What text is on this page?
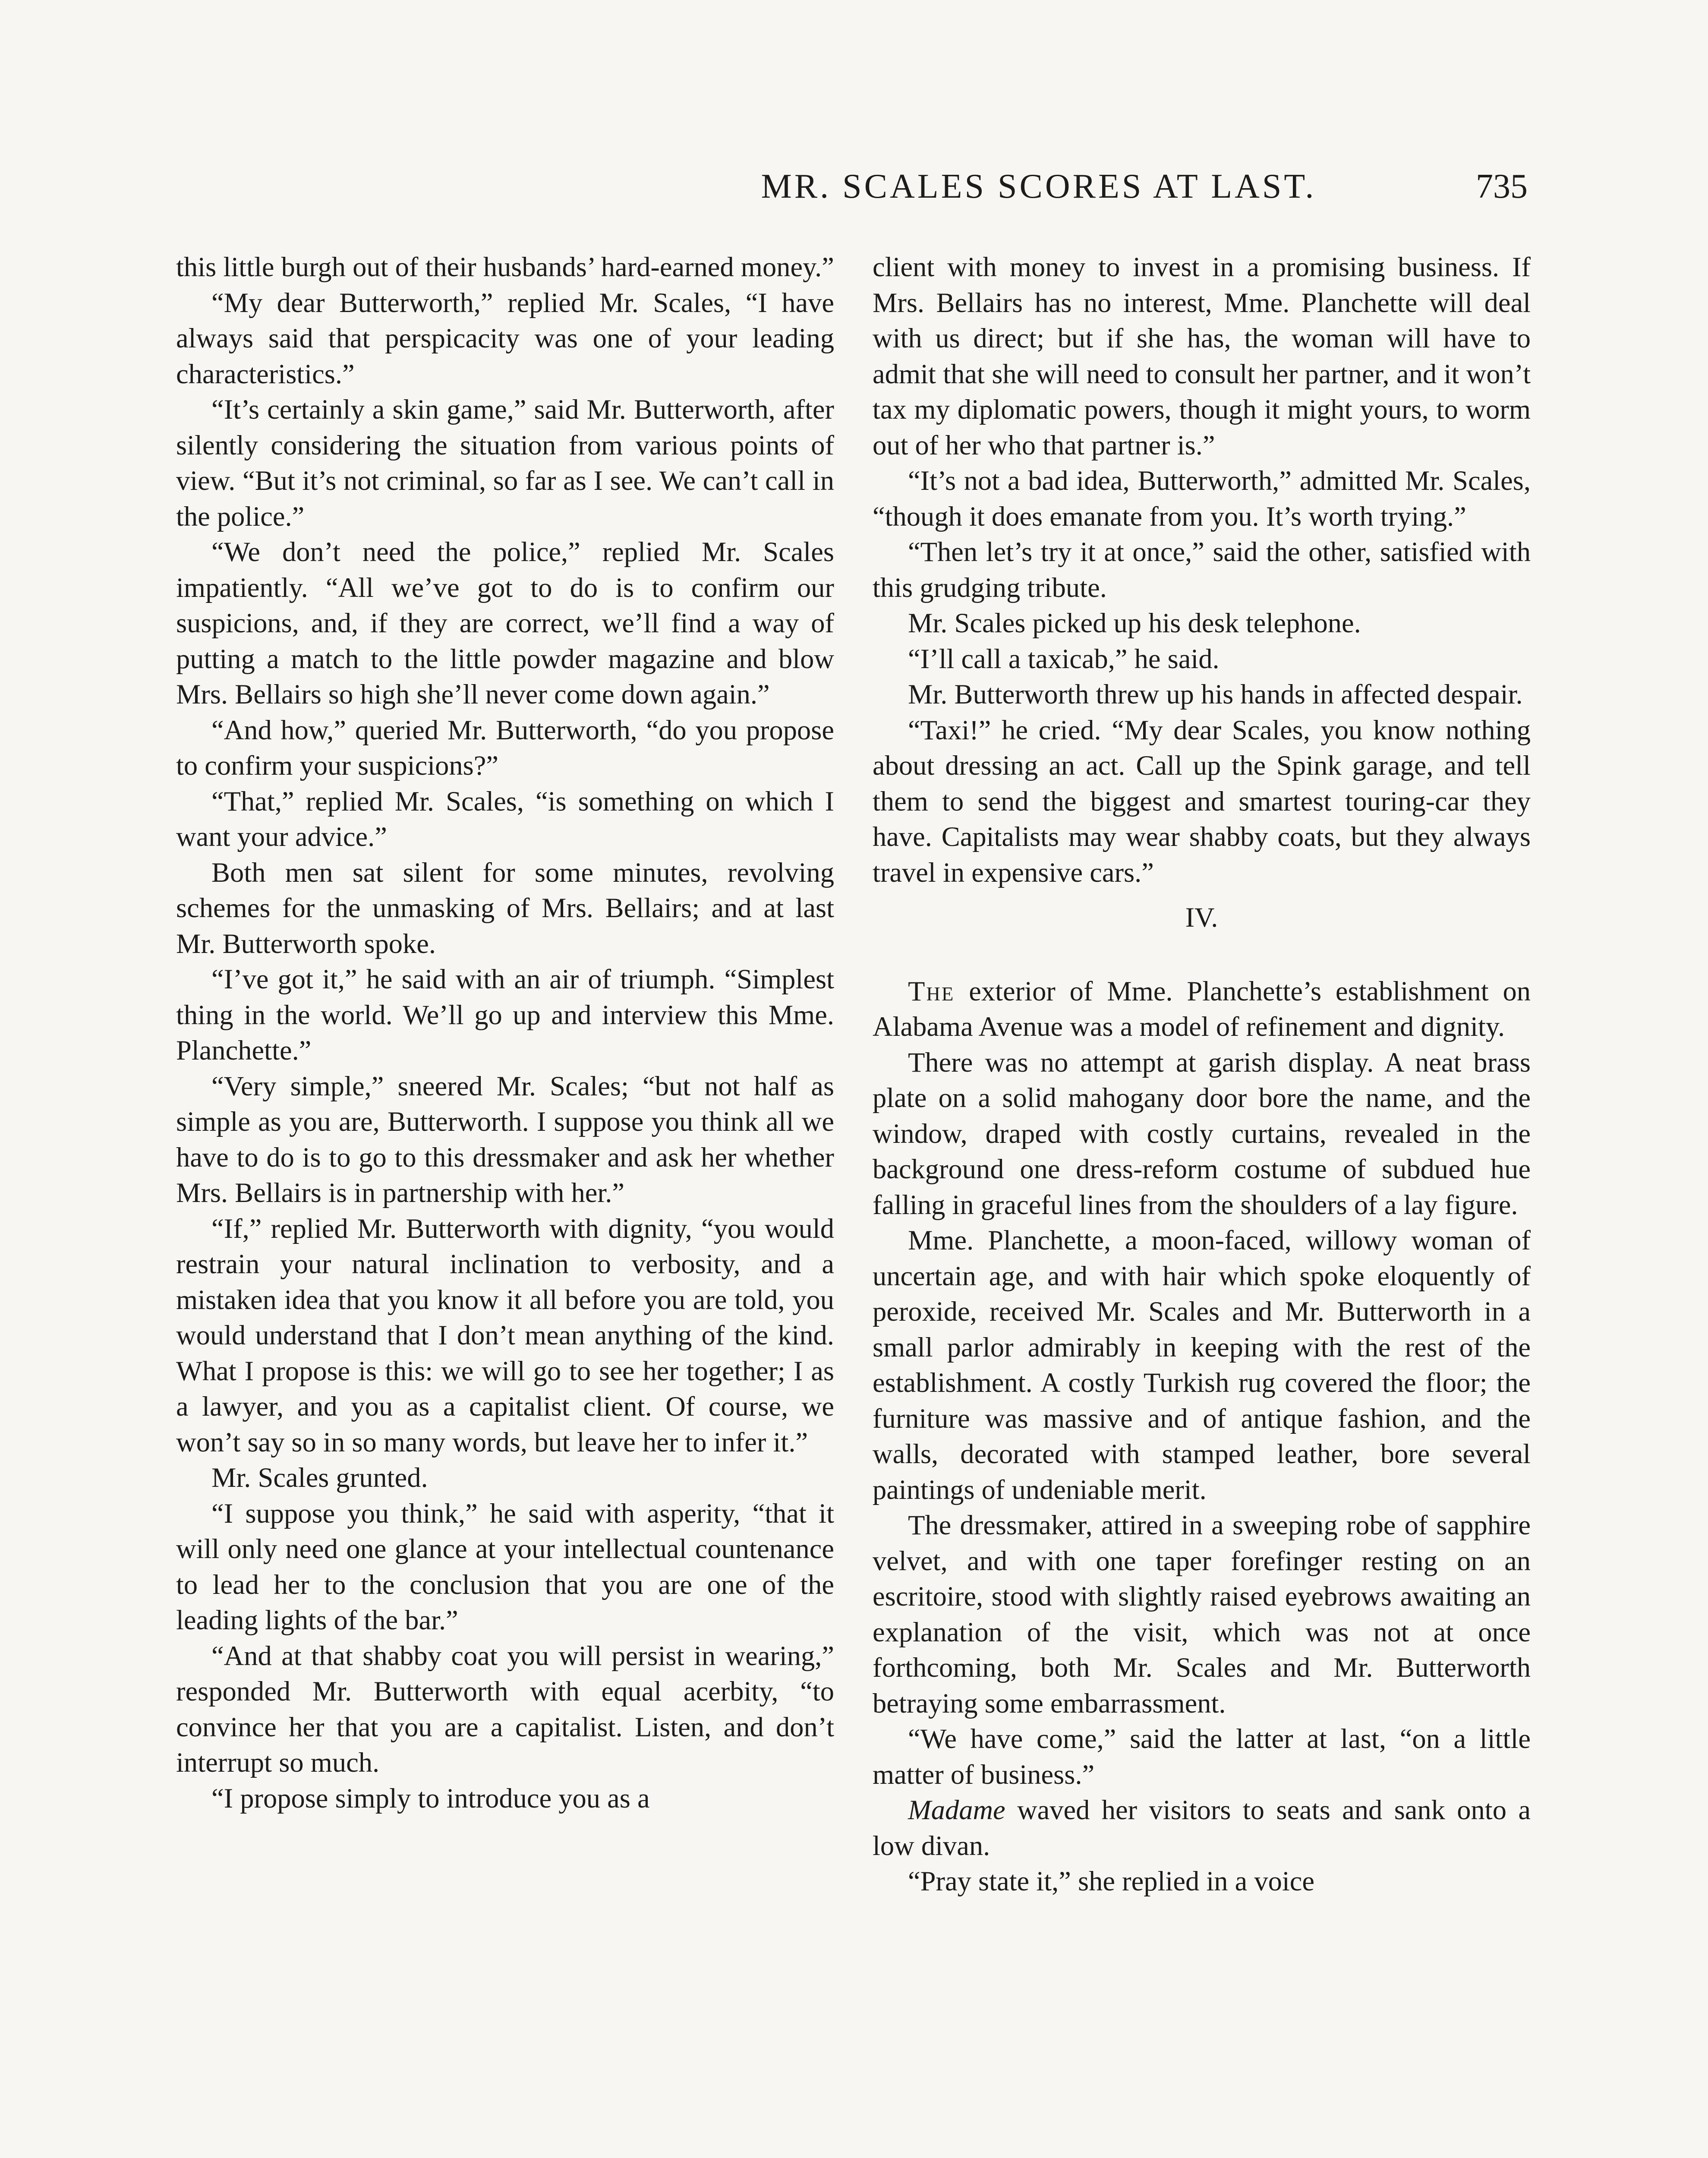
MR. SCALES SCORES AT LAST.	735

this little burgh out of their husbands’ hard-earned money.”

“My dear Butterworth,” replied Mr. Scales, “I have always said that perspicacity was one of your leading characteristics.”

“It’s certainly a skin game,” said Mr. Butterworth, after silently considering the situation from various points of view. “But it’s not criminal, so far as I see. We can’t call in the police.”

“We don’t need the police,” replied Mr. Scales impatiently. “All we’ve got to do is to confirm our suspicions, and, if they are correct, we’ll find a way of putting a match to the little powder magazine and blow Mrs. Bellairs so high she’ll never come down again.”

“And how,” queried Mr. Butterworth, “do you propose to confirm your suspicions?”

“That,” replied Mr. Scales, “is something on which I want your advice.”

Both men sat silent for some minutes, revolving schemes for the unmasking of Mrs. Bellairs; and at last Mr. Butterworth spoke.

“I’ve got it,” he said with an air of triumph. “Simplest thing in the world. We’ll go up and interview this Mme. Planchette.”

“Very simple,” sneered Mr. Scales; “but not half as simple as you are, Butterworth. I suppose you think all we have to do is to go to this dressmaker and ask her whether Mrs. Bellairs is in partnership with her.”

“If,” replied Mr. Butterworth with dignity, “you would restrain your natural inclination to verbosity, and a mistaken idea that you know it all before you are told, you would understand that I don’t mean anything of the kind. What I propose is this: we will go to see her together; I as a lawyer, and you as a capitalist client. Of course, we won’t say so in so many words, but leave her to infer it.”

Mr. Scales grunted.

“I suppose you think,” he said with asperity, “that it will only need one glance at your intellectual countenance to lead her to the conclusion that you are one of the leading lights of the bar.”

“And at that shabby coat you will persist in wearing,” responded Mr. Butterworth with equal acerbity, “to convince her that you are a capitalist. Listen, and don’t interrupt so much.

“I propose simply to introduce you as a

client with money to invest in a promising business. If Mrs. Bellairs has no interest, Mme. Planchette will deal with us direct; but if she has, the woman will have to admit that she will need to consult her partner, and it won’t tax my diplomatic powers, though it might yours, to worm out of her who that partner is.”

“It’s not a bad idea, Butterworth,” admitted Mr. Scales, “though it does emanate from you. It’s worth trying.”

“Then let’s try it at once,” said the other, satisfied with this grudging tribute.

Mr. Scales picked up his desk telephone.

“I’ll call a taxicab,” he said.

Mr. Butterworth threw up his hands in affected despair.

“Taxi!” he cried. “My dear Scales, you know nothing about dressing an act. Call up the Spink garage, and tell them to send the biggest and smartest touring-car they have. Capitalists may wear shabby coats, but they always travel in expensive cars.”

IV.

The exterior of Mme. Planchette’s establishment on Alabama Avenue was a model of refinement and dignity.

There was no attempt at garish display. A neat brass plate on a solid mahogany door bore the name, and the window, draped with costly curtains, revealed in the background one dress-reform costume of subdued hue falling in graceful lines from the shoulders of a lay figure.

Mme. Planchette, a moon-faced, willowy woman of uncertain age, and with hair which spoke eloquently of peroxide, received Mr. Scales and Mr. Butterworth in a small parlor admirably in keeping with the rest of the establishment. A costly Turkish rug covered the floor; the furniture was massive and of antique fashion, and the walls, decorated with stamped leather, bore several paintings of undeniable merit.

The dressmaker, attired in a sweeping robe of sapphire velvet, and with one taper forefinger resting on an escritoire, stood with slightly raised eyebrows awaiting an explanation of the visit, which was not at once forthcoming, both Mr. Scales and Mr. Butterworth betraying some embarrassment.

“We have come,” said the latter at last, “on a little matter of business.”

Madame waved her visitors to seats and sank onto a low divan.

“Pray state it,” she replied in a voice
